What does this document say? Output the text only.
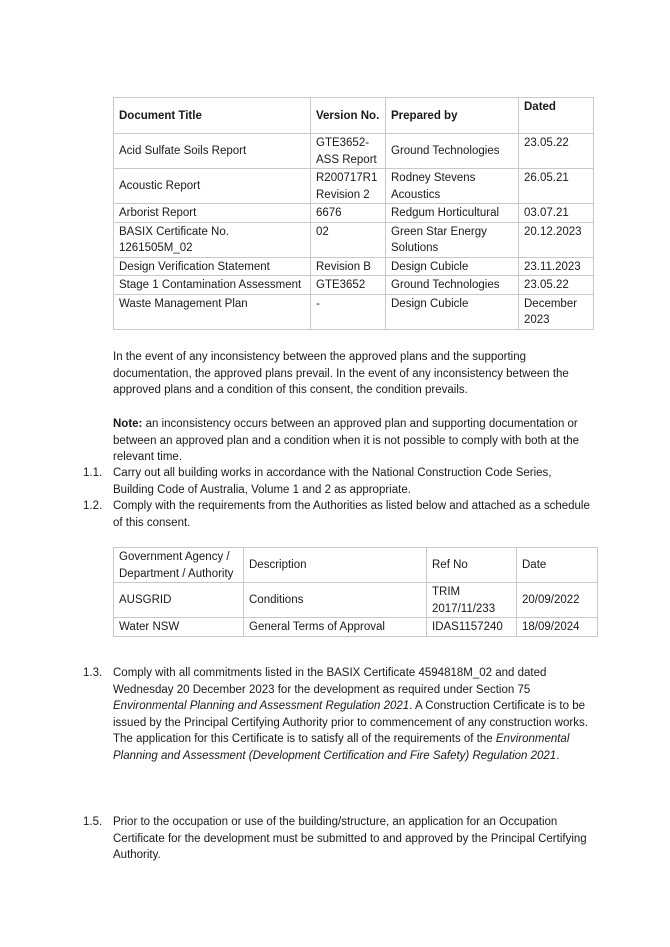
Document Title	Version No.	Prepared by	Dated
Acid Sulfate Soils Report	GTE3652-ASS Report	Ground Technologies	23.05.22
Acoustic Report	R200717R1 Revision 2	Rodney Stevens Acoustics	26.05.21
Arborist Report	6676	Redgum Horticultural	03.07.21
BASIX Certificate No. 1261505M_02	02	Green Star Energy Solutions	20.12.2023
Design Verification Statement	Revision B	Design Cubicle	23.11.2023
Stage 1 Contamination Assessment	GTE3652	Ground Technologies	23.05.22
Waste Management Plan	-	Design Cubicle	December 2023

In the event of any inconsistency between the approved plans and the supporting documentation, the approved plans prevail. In the event of any inconsistency between the approved plans and a condition of this consent, the condition prevails.

Note: an inconsistency occurs between an approved plan and supporting documentation or between an approved plan and a condition when it is not possible to comply with both at the relevant time.

1.1. Carry out all building works in accordance with the National Construction Code Series, Building Code of Australia, Volume 1 and 2 as appropriate.

1.2. Comply with the requirements from the Authorities as listed below and attached as a schedule of this consent.

Government Agency / Department / Authority	Description	Ref No	Date
AUSGRID	Conditions	TRIM 2017/11/233	20/09/2022
Water NSW	General Terms of Approval	IDAS1157240	18/09/2024
1.3. Comply with all commitments listed in the BASIX Certificate 4594818M_02 and dated Wednesday 20 December 2023 for the development as required under Section 75 Environmental Planning and Assessment Regulation 2021. A Construction Certificate is to be issued by the Principal Certifying Authority prior to commencement of any construction works. The application for this Certificate is to satisfy all of the requirements of the Environmental Planning and Assessment (Development Certification and Fire Safety) Regulation 2021.

1.5. Prior to the occupation or use of the building/structure, an application for an Occupation Certificate for the development must be submitted to and approved by the Principal Certifying Authority.
